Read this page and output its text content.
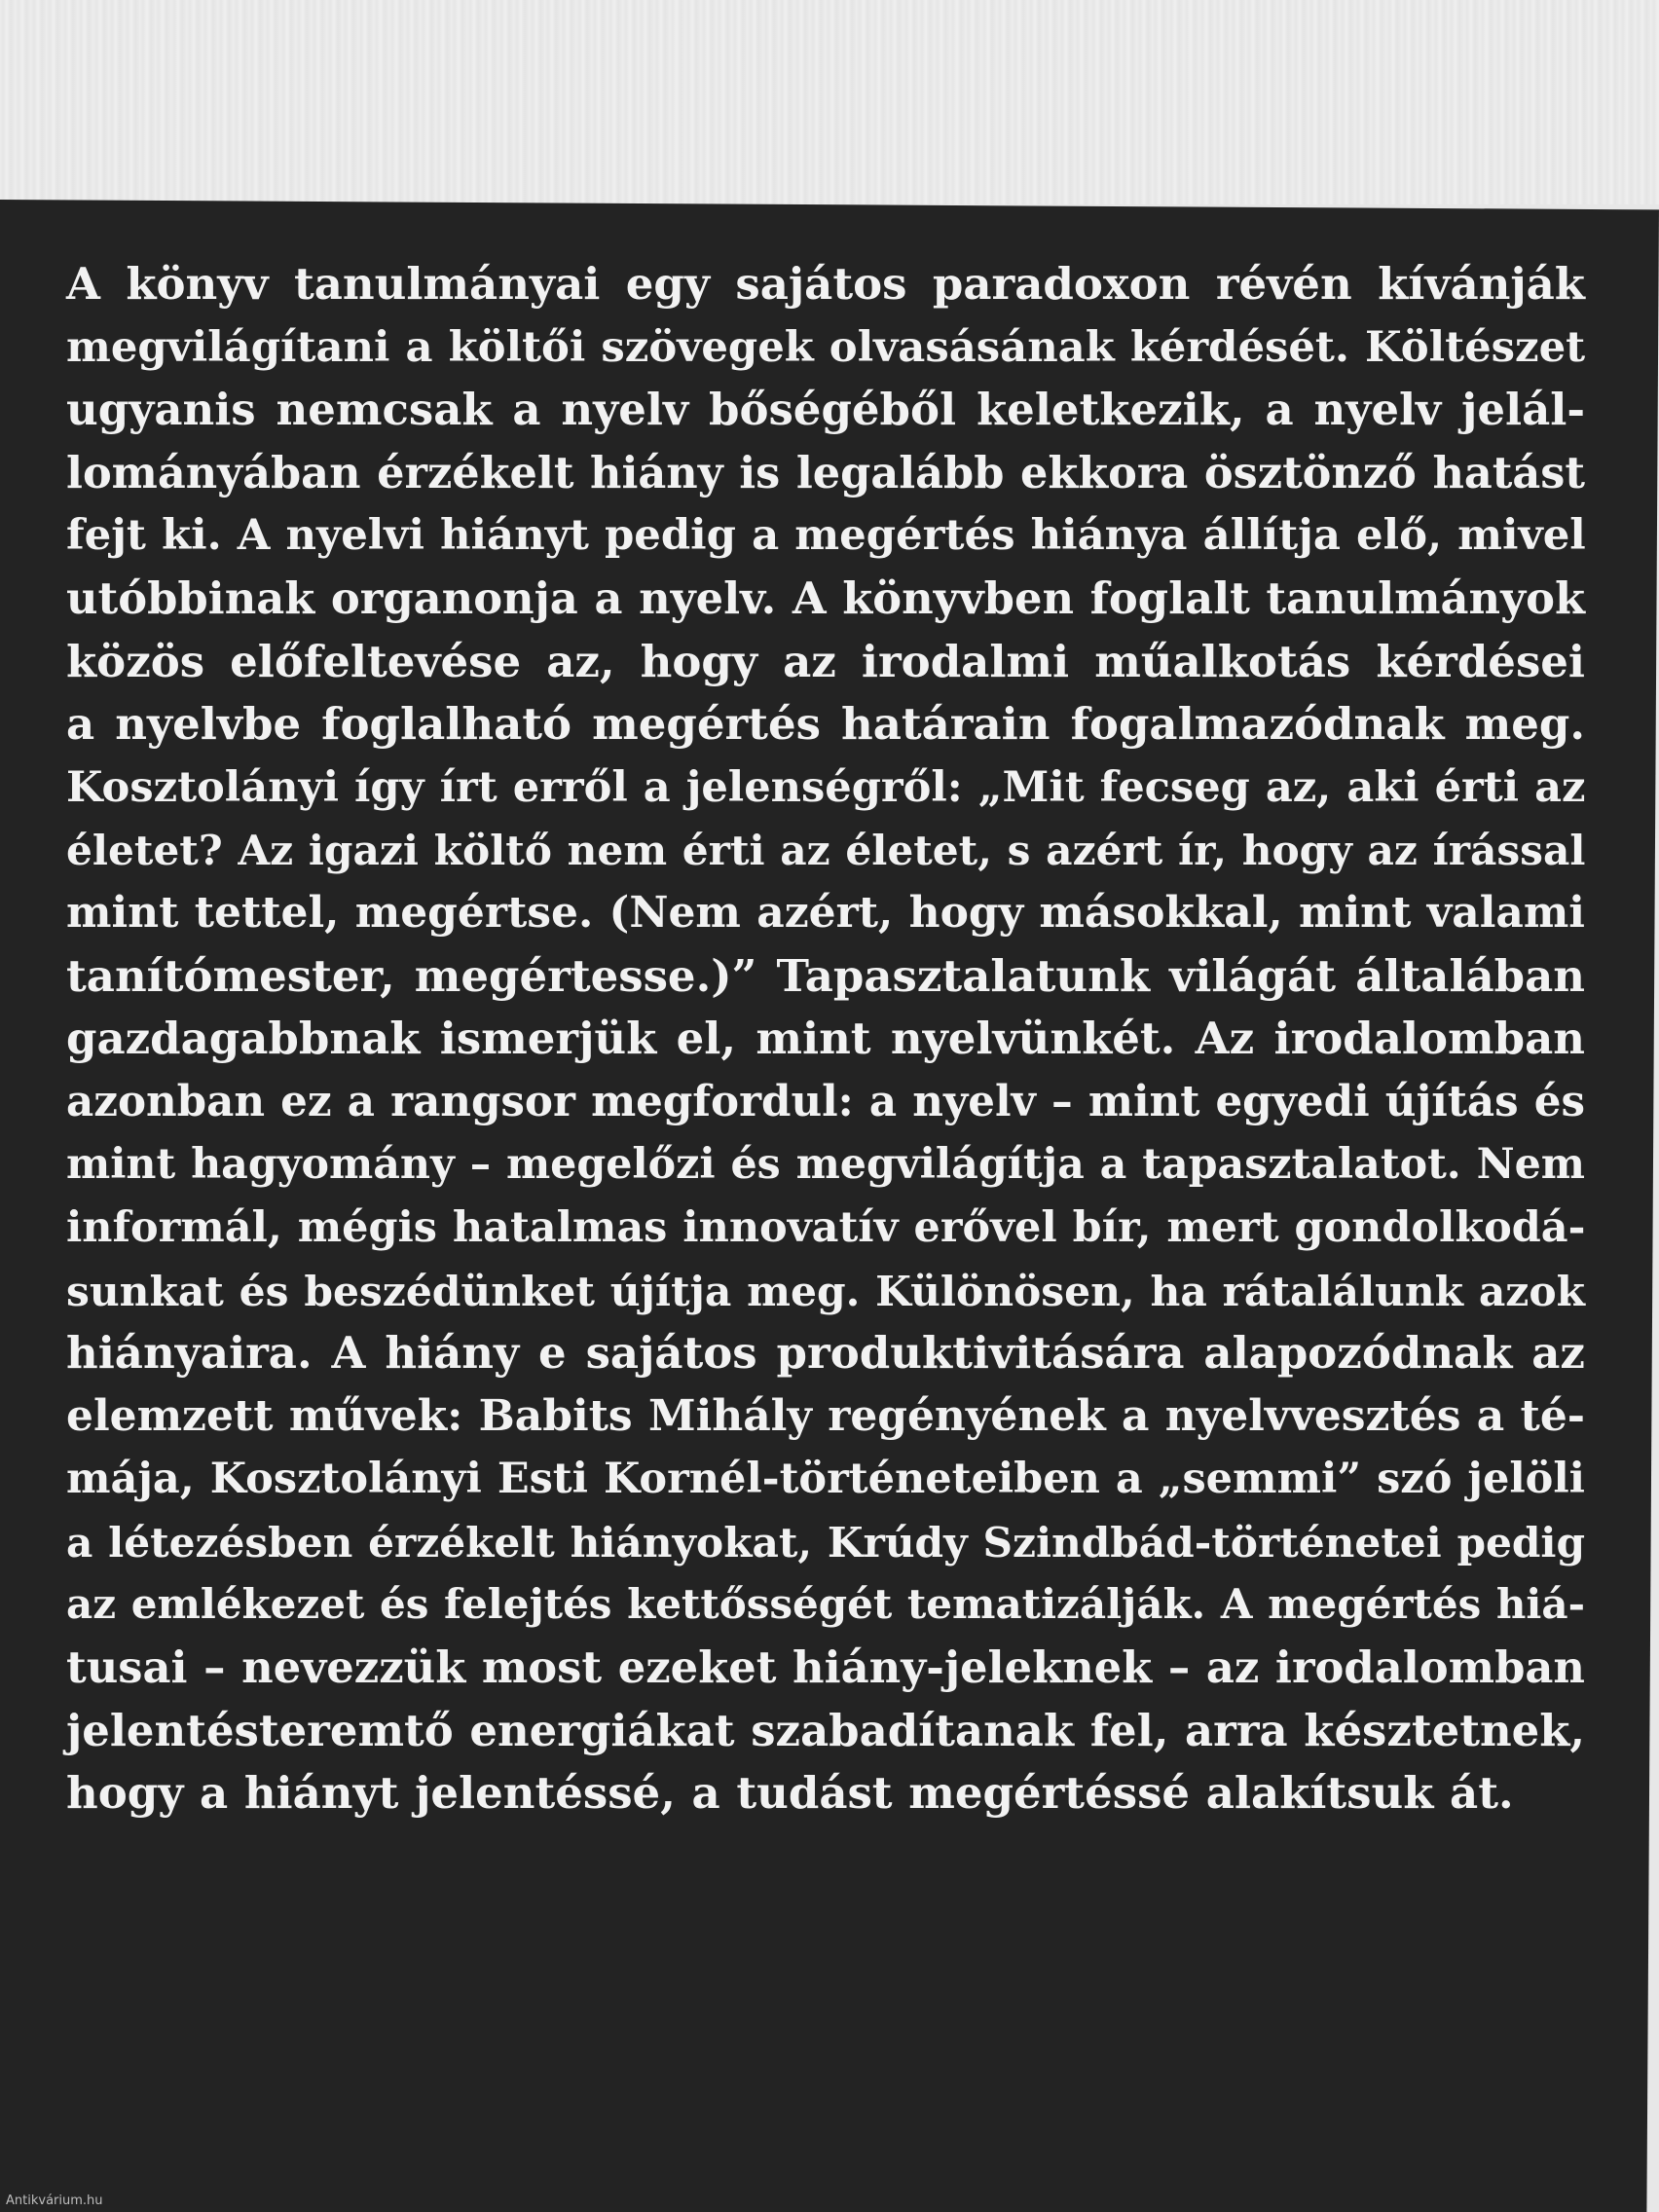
A könyv tanulmányai egy sajátos paradoxon révén kívánják
megvilágítani a költői szövegek olvasásának kérdését. Költészet
ugyanis nemcsak a nyelv bőségéből keletkezik, a nyelv jelál-
lományában érzékelt hiány is legalább ekkora ösztönző hatást
fejt ki. A nyelvi hiányt pedig a megértés hiánya állítja elő, mivel
utóbbinak organonja a nyelv. A könyvben foglalt tanulmányok
közös előfeltevése az, hogy az irodalmi műalkotás kérdései
a nyelvbe foglalható megértés határain fogalmazódnak meg.
Kosztolányi így írt erről a jelenségről: „Mit fecseg az, aki érti az
életet? Az igazi költő nem érti az életet, s azért ír, hogy az írással
mint tettel, megértse. (Nem azért, hogy másokkal, mint valami
tanítómester, megértesse.)” Tapasztalatunk világát általában
gazdagabbnak ismerjük el, mint nyelvünkét. Az irodalomban
azonban ez a rangsor megfordul: a nyelv – mint egyedi újítás és
mint hagyomány – megelőzi és megvilágítja a tapasztalatot. Nem
informál, mégis hatalmas innovatív erővel bír, mert gondolkodá-
sunkat és beszédünket újítja meg. Különösen, ha rátalálunk azok
hiányaira. A hiány e sajátos produktivitására alapozódnak az
elemzett művek: Babits Mihály regényének a nyelvvesztés a té-
mája, Kosztolányi Esti Kornél-történeteiben a „semmi” szó jelöli
a létezésben érzékelt hiányokat, Krúdy Szindbád-történetei pedig
az emlékezet és felejtés kettősségét tematizálják. A megértés hiá-
tusai – nevezzük most ezeket hiány-jeleknek – az irodalomban
jelentésteremtő energiákat szabadítanak fel, arra késztetnek,
hogy a hiányt jelentéssé, a tudást megértéssé alakítsuk át.

Antikvárium.hu
